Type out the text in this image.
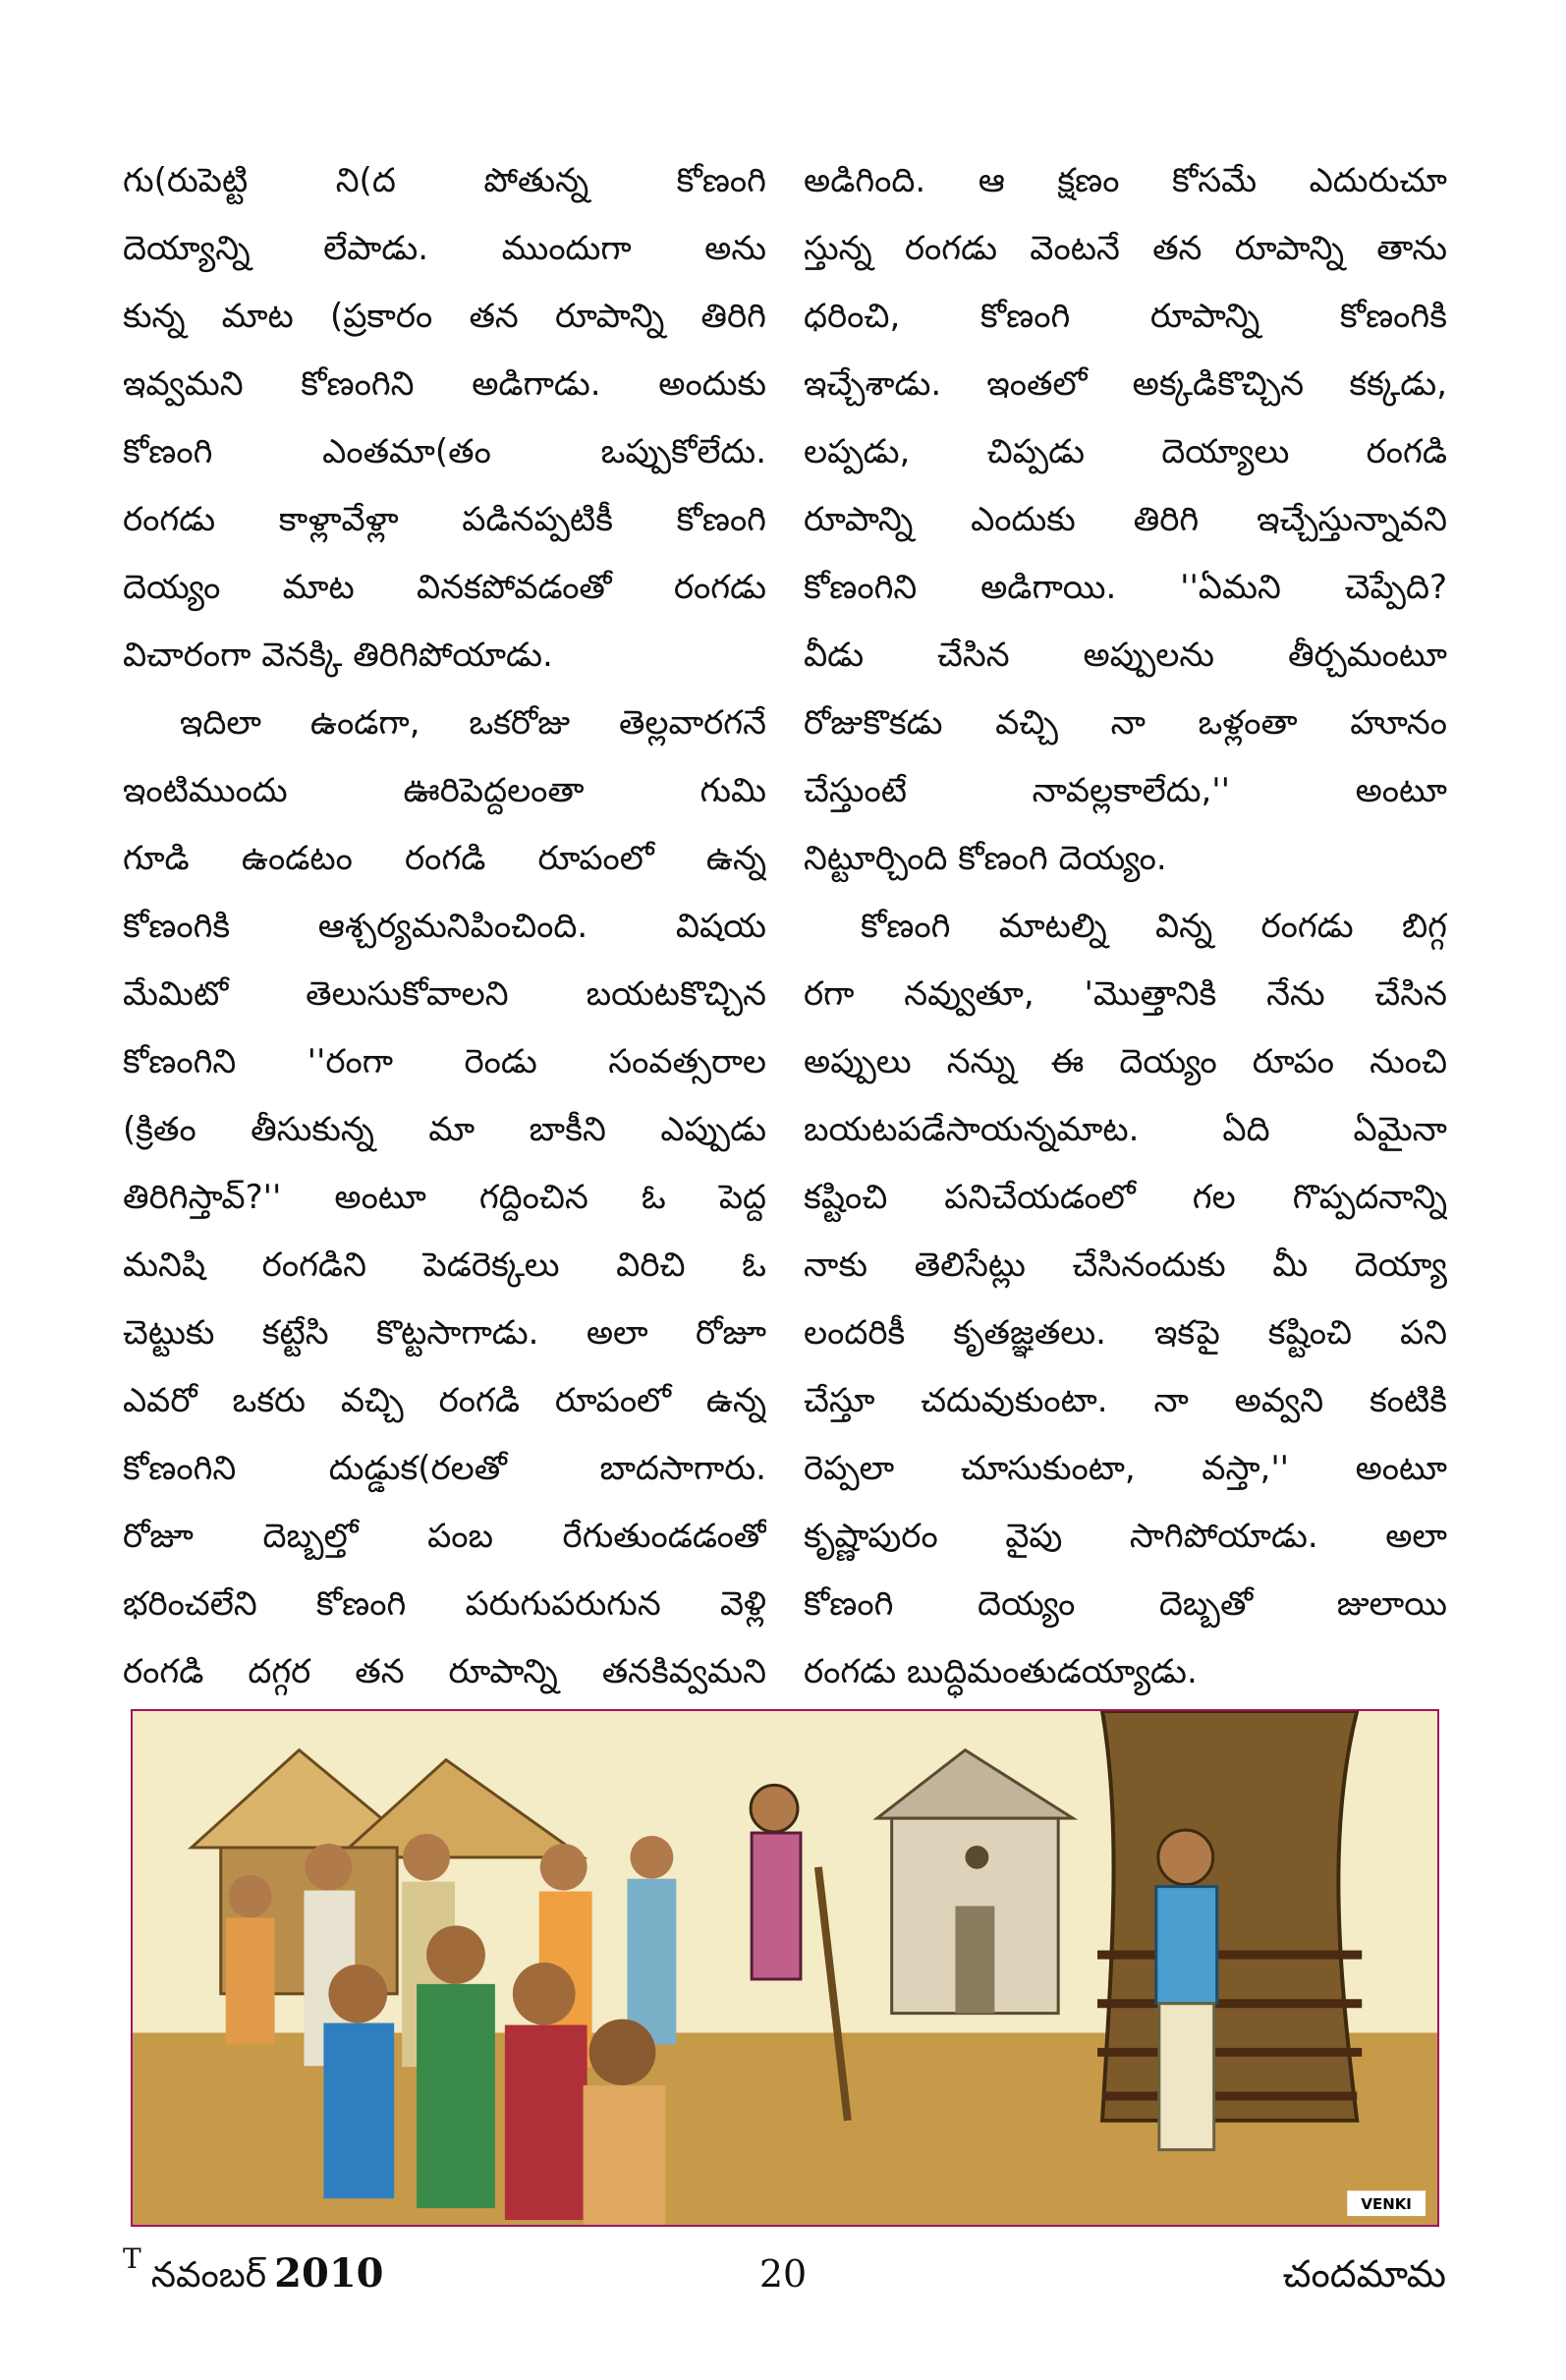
గు(రుపెట్టి ని(ద పోతున్న కోణంగి
దెయ్యాన్ని లేపాడు. ముందుగా అను
కున్న మాట (ప్రకారం తన రూపాన్ని తిరిగి
ఇవ్వమని కోణంగిని అడిగాడు. అందుకు
కోణంగి ఎంతమా(తం ఒప్పుకోలేదు.
రంగడు కాళ్లావేళ్లా పడినప్పటికీ కోణంగి
దెయ్యం మాట వినకపోవడంతో రంగడు
విచారంగా వెనక్కి తిరిగిపోయాడు.
ఇదిలా ఉండగా, ఒకరోజు తెల్లవారగనే
ఇంటిముందు ఊరిపెద్దలంతా గుమి
గూడి ఉండటం రంగడి రూపంలో ఉన్న
కోణంగికి ఆశ్చర్యమనిపించింది. విషయ
మేమిటో తెలుసుకోవాలని బయటకొచ్చిన
కోణంగిని ''రంగా రెండు సంవత్సరాల
(క్రితం తీసుకున్న మా బాకీని ఎప్పుడు
తిరిగిస్తావ్?'' అంటూ గద్దించిన ఓ పెద్ద
మనిషి రంగడిని పెడరెక్కలు విరిచి ఓ
చెట్టుకు కట్టేసి కొట్టసాగాడు. అలా రోజూ
ఎవరో ఒకరు వచ్చి రంగడి రూపంలో ఉన్న
కోణంగిని దుడ్డుక(రలతో బాదసాగారు.
రోజూ దెబ్బల్తో పంబ రేగుతుండడంతో
భరించలేని కోణంగి పరుగుపరుగున వెళ్లి
రంగడి దగ్గర తన రూపాన్ని తనకివ్వమని
అడిగింది. ఆ క్షణం కోసమే ఎదురుచూ
స్తున్న రంగడు వెంటనే తన రూపాన్ని తాను
ధరించి, కోణంగి రూపాన్ని కోణంగికి
ఇచ్చేశాడు. ఇంతలో అక్కడికొచ్చిన కక్కడు,
లప్పడు, చిప్పడు దెయ్యాలు రంగడి
రూపాన్ని ఎందుకు తిరిగి ఇచ్చేస్తున్నావని
కోణంగిని అడిగాయి. ''ఏమని చెప్పేది?
వీడు చేసిన అప్పులను తీర్చమంటూ
రోజుకొకడు వచ్చి నా ఒళ్లంతా హూనం
చేస్తుంటే నావల్లకాలేదు,'' అంటూ
నిట్టూర్చింది కోణంగి దెయ్యం.
కోణంగి మాటల్ని విన్న రంగడు బిగ్గ
రగా నవ్వుతూ, 'మొత్తానికి నేను చేసిన
అప్పులు నన్ను ఈ దెయ్యం రూపం నుంచి
బయటపడేసాయన్నమాట. ఏది ఏమైనా
కష్టించి పనిచేయడంలో గల గొప్పదనాన్ని
నాకు తెలిసేట్లు చేసినందుకు మీ దెయ్యా
లందరికీ కృతజ్ఞతలు. ఇకపై కష్టించి పని
చేస్తూ చదువుకుంటా. నా అవ్వని కంటికి
రెప్పలా చూసుకుంటా, వస్తా,'' అంటూ
కృష్ణాపురం వైపు సాగిపోయాడు. అలా
కోణంగి దెయ్యం దెబ్బతో జులాయి
రంగడు బుద్ధిమంతుడయ్యాడు.
VENKI
T నవంబర్ 2010	20	చందమామ
